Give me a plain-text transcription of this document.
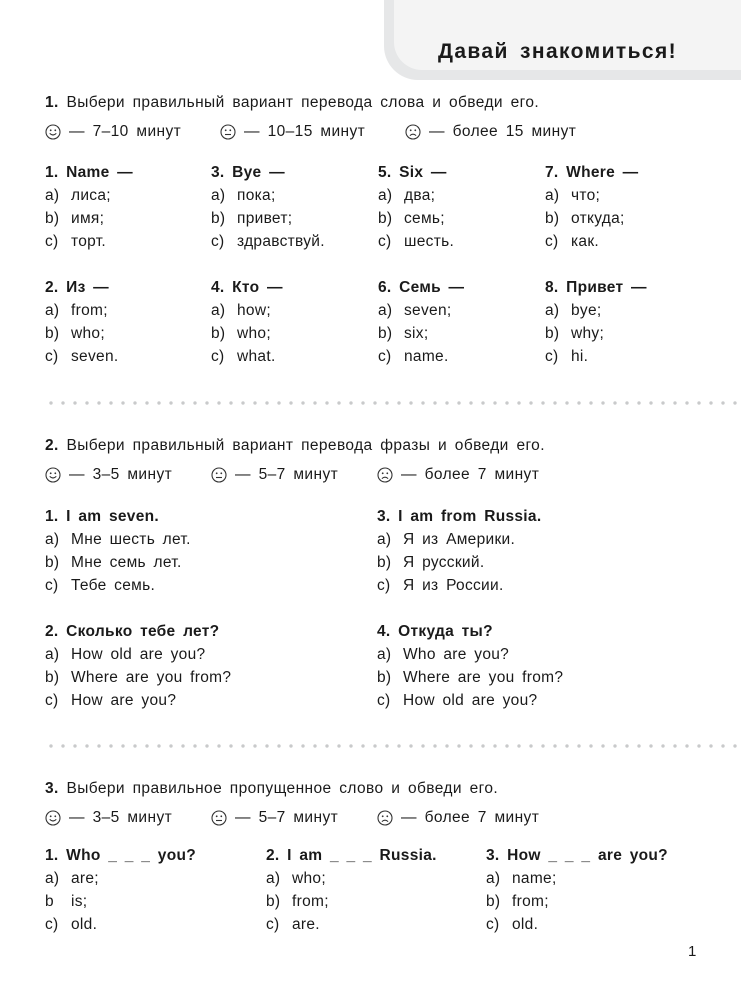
Давай знакомиться!
1. Выбери правильный вариант перевода слова и обведи его.
— 7–10 минут	— 10–15 минут	— более 15 минут
1. Name —
a) лиса;
b) имя;
c) торт.
3. Bye —
a) пока;
b) привет;
c) здравствуй.
5. Six —
a) два;
b) семь;
c) шесть.
7. Where —
a) что;
b) откуда;
c) как.
2. Из —
a) from;
b) who;
c) seven.
4. Кто —
a) how;
b) who;
c) what.
6. Семь —
a) seven;
b) six;
c) name.
8. Привет —
a) bye;
b) why;
c) hi.
2. Выбери правильный вариант перевода фразы и обведи его.
— 3–5 минут	— 5–7 минут	— более 7 минут
1. I am seven.
a) Мне шесть лет.
b) Мне семь лет.
c) Тебе семь.
3. I am from Russia.
a) Я из Америки.
b) Я русский.
c) Я из России.
2. Сколько тебе лет?
a) How old are you?
b) Where are you from?
c) How are you?
4. Откуда ты?
a) Who are you?
b) Where are you from?
c) How old are you?
3. Выбери правильное пропущенное слово и обведи его.
— 3–5 минут	— 5–7 минут	— более 7 минут
1. Who _ _ _ you?
a) are;
b	is;
c) old.
2. I am _ _ _ Russia.
a) who;
b) from;
c) are.
3. How _ _ _ are you?
a) name;
b) from;
c) old.
1
